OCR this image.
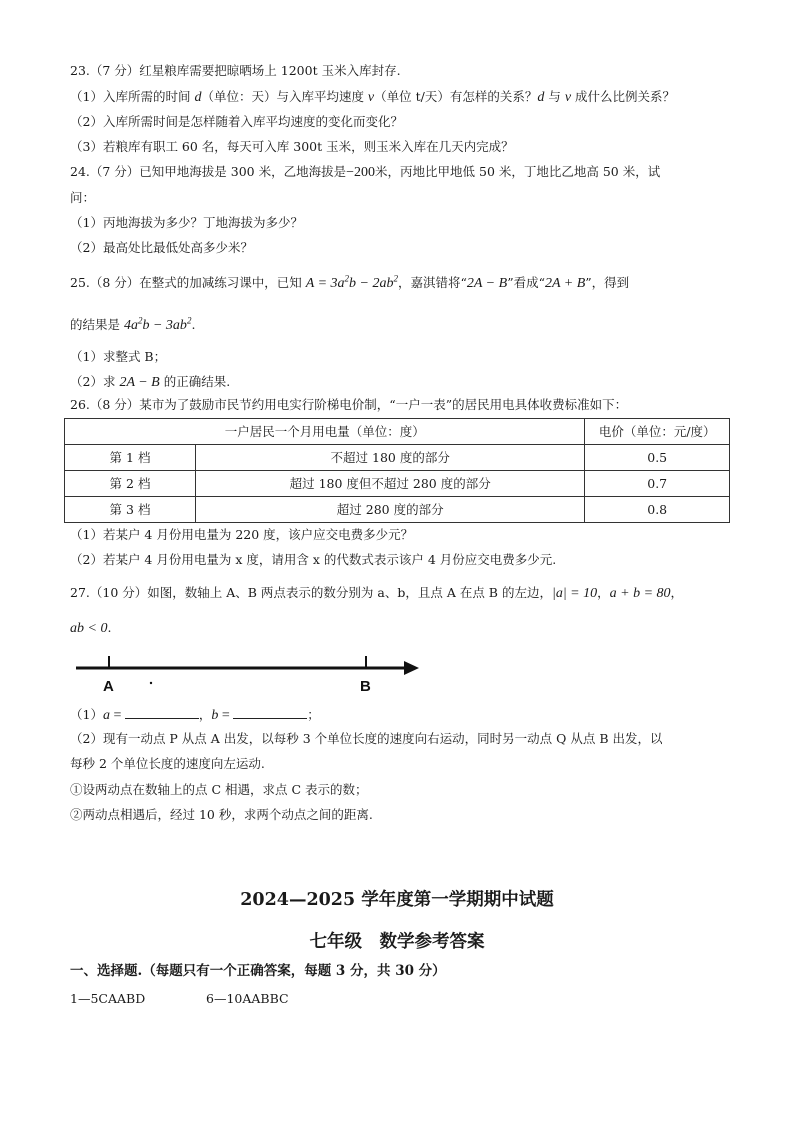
23.（7 分）红星粮库需要把晾晒场上 1200t 玉米入库封存.
（1）入库所需的时间 d（单位：天）与入库平均速度 v（单位 t/天）有怎样的关系？d 与 v 成什么比例关系？
（2）入库所需时间是怎样随着入库平均速度的变化而变化？
（3）若粮库有职工 60 名，每天可入库 300t 玉米，则玉米入库在几天内完成？
24.（7 分）已知甲地海拔是 300 米，乙地海拔是−200米，丙地比甲地低 50 米，丁地比乙地高 50 米，试
问：
（1）丙地海拔为多少？丁地海拔为多少？
（2）最高处比最低处高多少米？
25.（8 分）在整式的加减练习课中，已知 $A = 3a^2b - 2ab^2$，嘉淇错将“2A − B”看成“2A + B”，得到
的结果是 $4a^2b - 3ab^2$.
（1）求整式 B；
（2）求 2A − B 的正确结果.
26.（8 分）某市为了鼓励市民节约用电实行阶梯电价制，“一户一表”的居民用电具体收费标准如下：
一户居民一个月用电量（单位：度）		电价（单位：元/度）
第 1 档	不超过 180 度的部分	0.5
第 2 档	超过 180 度但不超过 280 度的部分	0.7
第 3 档	超过 280 度的部分	0.8
（1）若某户 4 月份用电量为 220 度，该户应交电费多少元？
（2）若某户 4 月份用电量为 x 度，请用含 x 的代数式表示该户 4 月份应交电费多少元.
27.（10 分）如图，数轴上 A、B 两点表示的数分别为 a、b，且点 A 在点 B 的左边，|a| = 10，a + b = 80，
ab < 0.
A	B
（1）a =	，b =	；
（2）现有一动点 P 从点 A 出发，以每秒 3 个单位长度的速度向右运动，同时另一动点 Q 从点 B 出发，以
每秒 2 个单位长度的速度向左运动.
①设两动点在数轴上的点 C 相遇，求点 C 表示的数；
②两动点相遇后，经过 10 秒，求两个动点之间的距离.
2024—2025 学年度第一学期期中试题
七年级　数学参考答案
一、选择题.（每题只有一个正确答案，每题 3 分，共 30 分）
1—5CAABD	6—10AABBC
